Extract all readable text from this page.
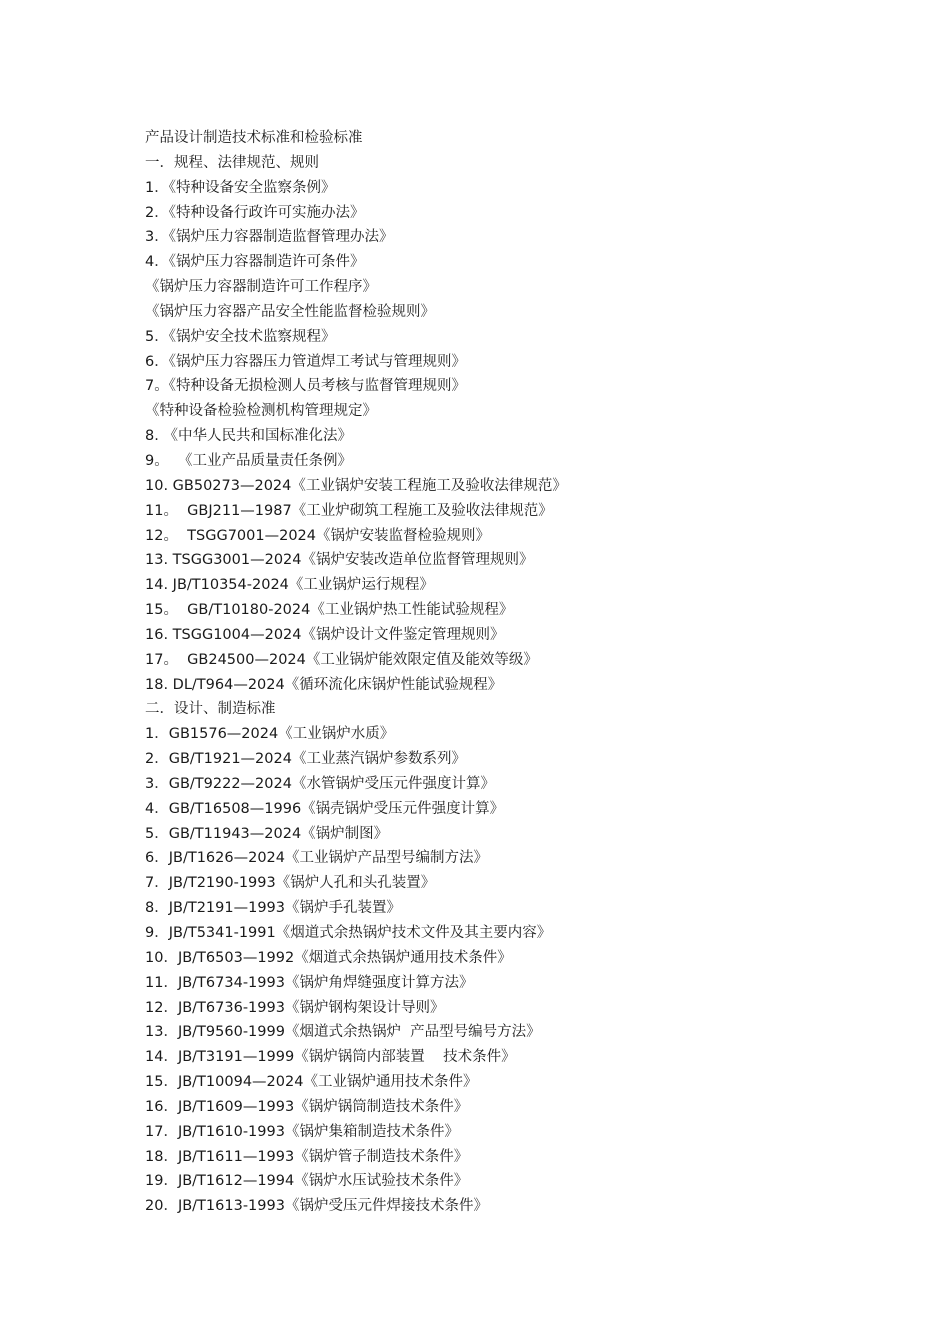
产品设计制造技术标准和检验标准
一．规程、法律规范、规则
1．《特种设备安全监察条例》
2．《特种设备行政许可实施办法》
3．《锅炉压力容器制造监督管理办法》
4．《锅炉压力容器制造许可条件》
《锅炉压力容器制造许可工作程序》
《锅炉压力容器产品安全性能监督检验规则》
5．《锅炉安全技术监察规程》
6．《锅炉压力容器压力管道焊工考试与管理规则》
7。《特种设备无损检测人员考核与监督管理规则》
《特种设备检验检测机构管理规定》
8. 《中华人民共和国标准化法》
9。  《工业产品质量责任条例》
10. GB50273—2024《工业锅炉安装工程施工及验收法律规范》
11。  GBJ211—1987《工业炉砌筑工程施工及验收法律规范》
12。  TSGG7001—2024《锅炉安装监督检验规则》
13. TSGG3001—2024《锅炉安装改造单位监督管理规则》
14. JB/T10354-2024《工业锅炉运行规程》
15。  GB/T10180-2024《工业锅炉热工性能试验规程》
16. TSGG1004—2024《锅炉设计文件鉴定管理规则》
17。  GB24500—2024《工业锅炉能效限定值及能效等级》
18. DL/T964—2024《循环流化床锅炉性能试验规程》
二．设计、制造标准
1．GB1576—2024《工业锅炉水质》
2．GB/T1921—2024《工业蒸汽锅炉参数系列》
3．GB/T9222—2024《水管锅炉受压元件强度计算》
4．GB/T16508—1996《锅壳锅炉受压元件强度计算》
5．GB/T11943—2024《锅炉制图》
6．JB/T1626—2024《工业锅炉产品型号编制方法》
7．JB/T2190-1993《锅炉人孔和头孔装置》
8．JB/T2191—1993《锅炉手孔装置》
9．JB/T5341-1991《烟道式余热锅炉技术文件及其主要内容》
10．JB/T6503—1992《烟道式余热锅炉通用技术条件》
11．JB/T6734-1993《锅炉角焊缝强度计算方法》
12．JB/T6736-1993《锅炉钢构架设计导则》
13．JB/T9560-1999《烟道式余热锅炉  产品型号编号方法》
14．JB/T3191—1999《锅炉锅筒内部装置    技术条件》
15．JB/T10094—2024《工业锅炉通用技术条件》
16．JB/T1609—1993《锅炉锅筒制造技术条件》
17．JB/T1610-1993《锅炉集箱制造技术条件》
18．JB/T1611—1993《锅炉管子制造技术条件》
19．JB/T1612—1994《锅炉水压试验技术条件》
20．JB/T1613-1993《锅炉受压元件焊接技术条件》
